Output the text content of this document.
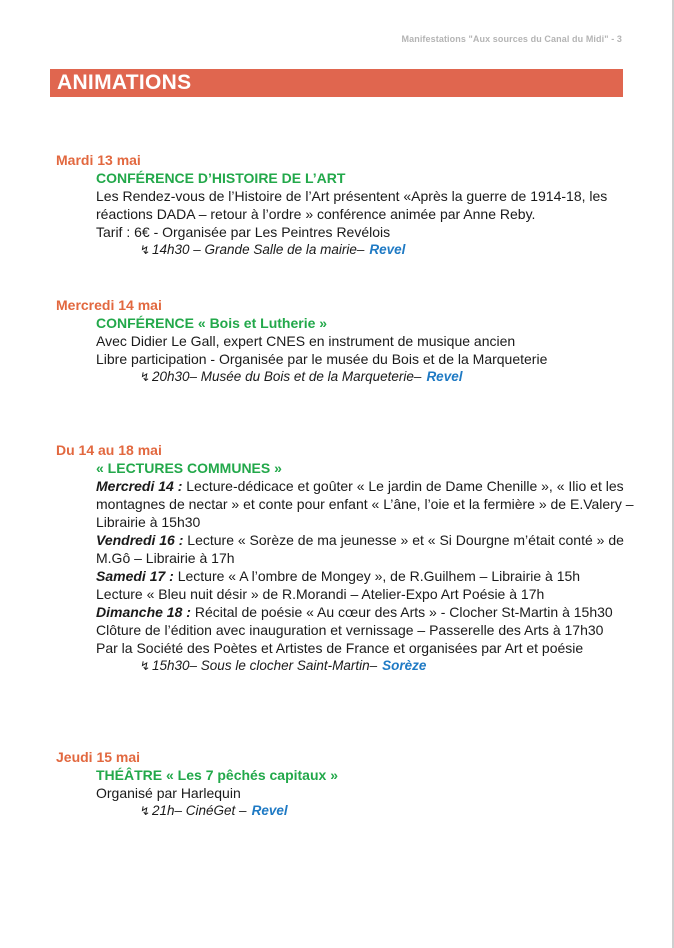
Manifestations "Aux sources du Canal du Midi" - 3
ANIMATIONS
Mardi 13 mai
CONFÉRENCE D’HISTOIRE DE L’ART
Les Rendez-vous de l’Histoire de l’Art présentent «Après la guerre de 1914-18, les
réactions DADA – retour à l’ordre » conférence animée par Anne Reby.
Tarif : 6€ - Organisée par Les Peintres Revélois
↯ 14h30 – Grande Salle de la mairie– Revel
Mercredi 14 mai
CONFÉRENCE « Bois et Lutherie »
Avec Didier Le Gall, expert CNES en instrument de musique ancien
Libre participation - Organisée par le musée du Bois et de la Marqueterie
↯ 20h30– Musée du Bois et de la Marqueterie– Revel
Du 14 au 18 mai
« LECTURES COMMUNES »
Mercredi 14 : Lecture-dédicace et goûter « Le jardin de Dame Chenille », « Ilio et les montagnes de nectar » et conte pour enfant « L’âne, l’oie et la fermière » de E.Valery – Librairie à 15h30
Vendredi 16 : Lecture « Sorèze de ma jeunesse » et « Si Dourgne m’était conté » de M.Gô – Librairie à 17h
Samedi 17 : Lecture « A l’ombre de Mongey », de R.Guilhem – Librairie à 15h
Lecture « Bleu nuit désir » de R.Morandi – Atelier-Expo Art Poésie à 17h
Dimanche 18 : Récital de poésie « Au cœur des Arts » - Clocher St-Martin à 15h30
Clôture de l’édition avec inauguration et vernissage – Passerelle des Arts à 17h30
Par la Société des Poètes et Artistes de France et organisées par Art et poésie
↯ 15h30– Sous le clocher Saint-Martin– Sorèze
Jeudi 15 mai
THÉÂTRE « Les 7 pêchés capitaux »
Organisé par Harlequin
↯ 21h– CinéGet – Revel
